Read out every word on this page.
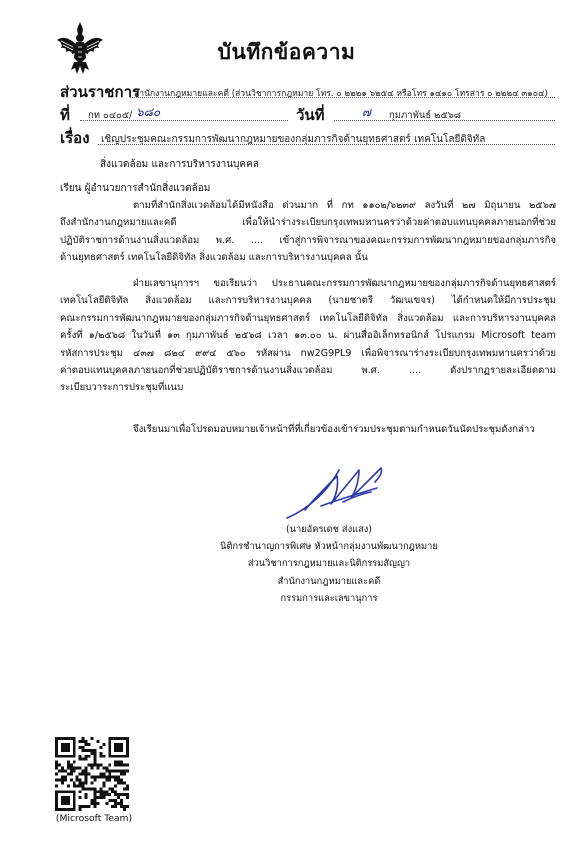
บันทึกข้อความ
ส่วนราชการ
สำนักงานกฎหมายและคดี (ส่วนวิชาการกฎหมาย โทร. ๐ ๒๒๒๑ ๖๒๕๔ หรือโทร ๑๔๑๐ โทรสาร ๐ ๒๒๒๔ ๓๑๐๔)
ที่ กท ๐๔๐๕/ ๖๘๐	วันที่	๗ กุมภาพันธ์ ๒๕๖๘
เรื่อง เชิญประชุมคณะกรรมการพัฒนากฎหมายของกลุ่มภารกิจด้านยุทธศาสตร์ เทคโนโลยีดิจิทัล
สิ่งแวดล้อม และการบริหารงานบุคคล
เรียน ผู้อำนวยการสำนักสิ่งแวดล้อม
ตามที่สำนักสิ่งแวดล้อมได้มีหนังสือ ด่วนมาก ที่ กท ๑๑๐๒/๖๒๓๙ ลงวันที่ ๒๗ มิถุนายน ๒๕๖๗
ถึงสำนักงานกฎหมายและคดี เพื่อให้นำร่างระเบียบกรุงเทพมหานครว่าด้วยค่าตอบแทนบุคคลภายนอกที่ช่วย
ปฏิบัติราชการด้านงานสิ่งแวดล้อม พ.ศ. .... เข้าสู่การพิจารณาของคณะกรรมการพัฒนากฎหมายของกลุ่มภารกิจ
ด้านยุทธศาสตร์ เทคโนโลยีดิจิทัล สิ่งแวดล้อม และการบริหารงานบุคคล นั้น
ฝ่ายเลขานุการฯ ขอเรียนว่า ประธานคณะกรรมการพัฒนากฎหมายของกลุ่มภารกิจด้านยุทธศาสตร์
เทคโนโลยีดิจิทัล สิ่งแวดล้อม และการบริหารงานบุคคล (นายชาตรี วัฒนเขจร) ได้กำหนดให้มีการประชุม
คณะกรรมการพัฒนากฎหมายของกลุ่มภารกิจด้านยุทธศาสตร์ เทคโนโลยีดิจิทัล สิ่งแวดล้อม และการบริหารงานบุคคล
ครั้งที่ ๑/๒๕๖๘ ในวันที่ ๑๓ กุมภาพันธ์ ๒๕๖๘ เวลา ๑๓.๐๐ น. ผ่านสื่ออิเล็กทรอนิกส์ โปรแกรม Microsoft team
รหัสการประชุม ๔๓๗ ๘๒๔ ๙๙๔ ๕๖๐ รหัสผ่าน nw2G9PL9 เพื่อพิจารณาร่างระเบียบกรุงเทพมหานครว่าด้วย
ค่าตอบแทนบุคคลภายนอกที่ช่วยปฏิบัติราชการด้านงานสิ่งแวดล้อม พ.ศ. .... ดังปรากฏรายละเอียดตาม
ระเบียบวาระการประชุมที่แนบ
จึงเรียนมาเพื่อโปรดมอบหมายเจ้าหน้าที่ที่เกี่ยวข้องเข้าร่วมประชุมตามกำหนดวันนัดประชุมดังกล่าว
(นายอัครเดช ส่งแสง)
นิติกรชำนาญการพิเศษ หัวหน้ากลุ่มงานพัฒนากฎหมาย
ส่วนวิชาการกฎหมายและนิติกรรมสัญญา
สำนักงานกฎหมายและคดี
กรรมการและเลขานุการ
(Microsoft Team)
